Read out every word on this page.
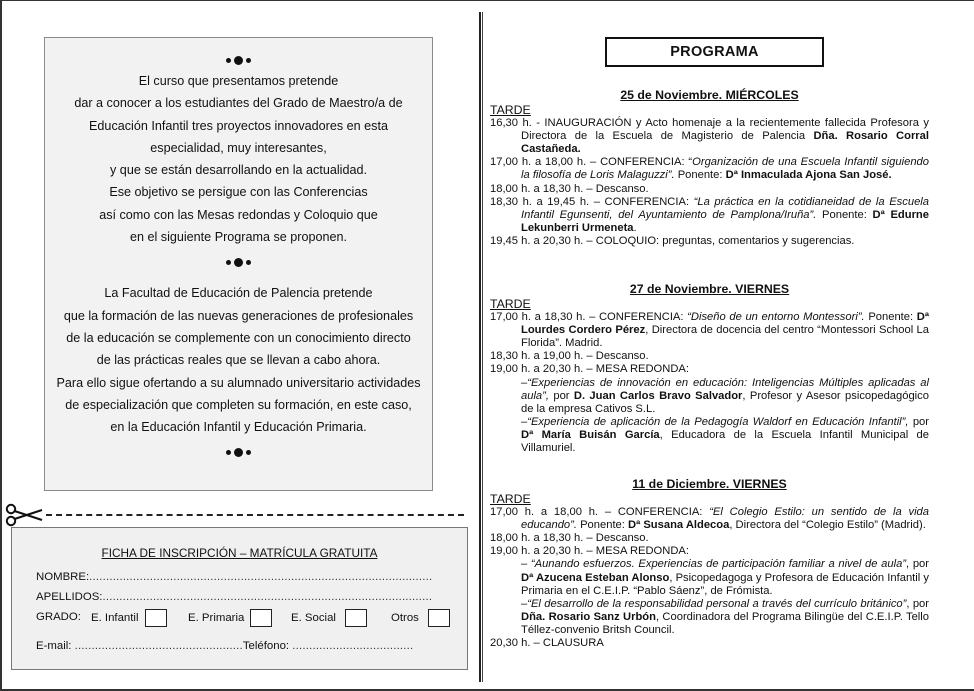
El curso que presentamos pretende
dar a conocer a los estudiantes del Grado de Maestro/a de
Educación Infantil tres proyectos innovadores en esta
especialidad, muy interesantes,
y que se están desarrollando en la actualidad.
Ese objetivo se persigue con las Conferencias
así como con las Mesas redondas y Coloquio que
en el siguiente Programa se proponen.
La Facultad de Educación de Palencia pretende
que la formación de las nuevas generaciones de profesionales
de la educación se complemente con un conocimiento directo
de las prácticas reales que se llevan a cabo ahora.
Para ello sigue ofertando a su alumnado universitario actividades
de especialización que completen su formación, en este caso,
en la Educación Infantil y Educación Primaria.
FICHA DE INSCRIPCIÓN – MATRÍCULA GRATUITA
NOMBRE:......................................................................................................
APELLIDOS:..................................................................................................
GRADO: E. Infantil	E. Primaria	E. Social	Otros
E-mail: ..................................................Teléfono: ....................................
PROGRAMA
25 de Noviembre. MIÉRCOLES
TARDE
16,30 h. - INAUGURACIÓN y Acto homenaje a la recientemente fallecida Profesora y Directora de la Escuela de Magisterio de Palencia Dña. Rosario Corral Castañeda.
17,00 h. a 18,00 h. – CONFERENCIA: “Organización de una Escuela Infantil siguiendo la filosofía de Loris Malaguzzi”. Ponente: Dª Inmaculada Ajona San José.
18,00 h. a 18,30 h. – Descanso.
18,30 h. a 19,45 h. – CONFERENCIA: “La práctica en la cotidianeidad de la Escuela Infantil Egunsenti, del Ayuntamiento de Pamplona/Iruña”. Ponente: Dª Edurne Lekunberri Urmeneta.
19,45 h. a 20,30 h. – COLOQUIO: preguntas, comentarios y sugerencias.
27 de Noviembre. VIERNES
TARDE
17,00 h. a 18,30 h. – CONFERENCIA: “Diseño de un entorno Montessori”. Ponente: Dª Lourdes Cordero Pérez, Directora de docencia del centro “Montessori School La Florida”. Madrid.
18,30 h. a 19,00 h. – Descanso.
19,00 h. a 20,30 h. – MESA REDONDA:
–“Experiencias de innovación en educación: Inteligencias Múltiples aplicadas al aula”, por D. Juan Carlos Bravo Salvador, Profesor y Asesor psicopedagógico de la empresa Cativos S.L.
–“Experiencia de aplicación de la Pedagogía Waldorf en Educación Infantil”, por Dª María Buisán García, Educadora de la Escuela Infantil Municipal de Villamuriel.
11 de Diciembre. VIERNES
TARDE
17,00 h. a 18,00 h. – CONFERENCIA: “El Colegio Estilo: un sentido de la vida educando”. Ponente: Dª Susana Aldecoa, Directora del “Colegio Estilo” (Madrid).
18,00 h. a 18,30 h. – Descanso.
19,00 h. a 20,30 h. – MESA REDONDA:
– “Aunando esfuerzos. Experiencias de participación familiar a nivel de aula”, por Dª Azucena Esteban Alonso, Psicopedagoga y Profesora de Educación Infantil y Primaria en el C.E.I.P. “Pablo Sáenz”, de Frómista.
–“El desarrollo de la responsabilidad personal a través del currículo británico”, por Dña. Rosario Sanz Urbón, Coordinadora del Programa Bilingüe del C.E.I.P. Tello Téllez-convenio Britsh Council.
20,30 h. – CLAUSURA
